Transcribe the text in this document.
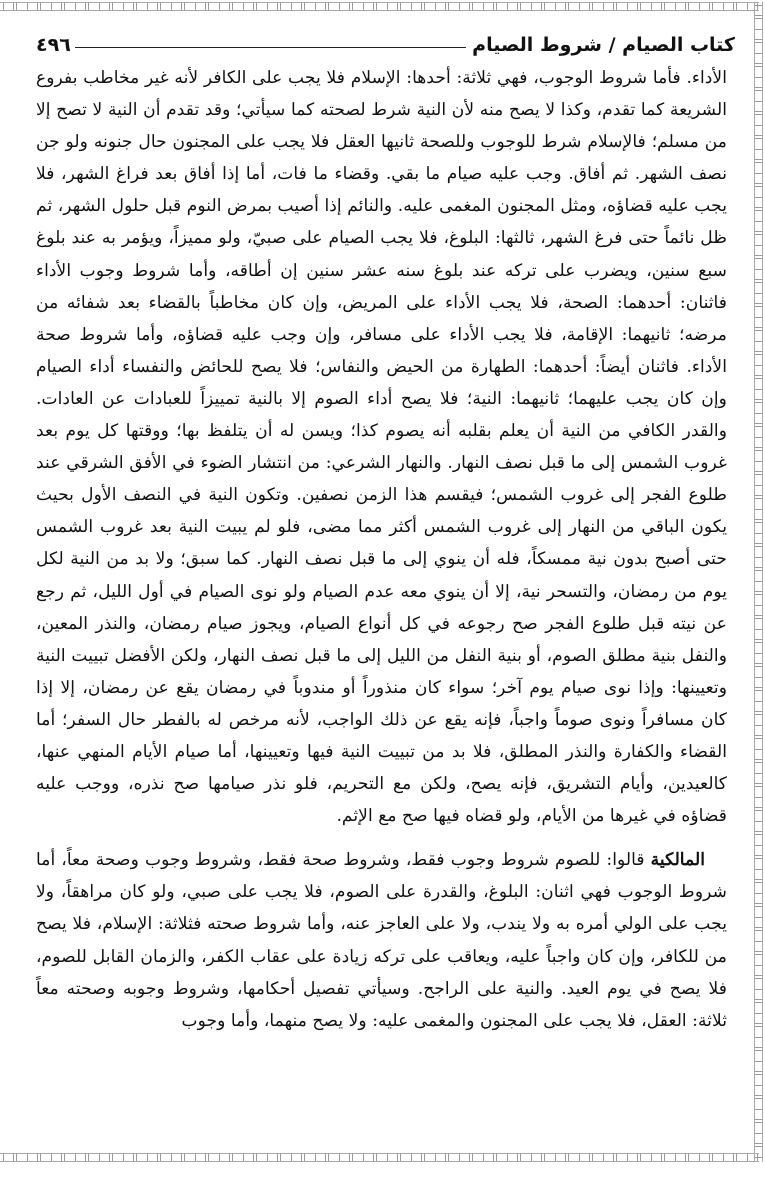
كتاب الصيام / شروط الصيام
٤٩٦

الأداء. فأما شروط الوجوب، فهي ثلاثة: أحدها: الإسلام فلا يجب على الكافر لأنه غير مخاطب بفروع الشريعة كما تقدم، وكذا لا يصح منه لأن النية شرط لصحته كما سيأتي؛ وقد تقدم أن النية لا تصح إلا من مسلم؛ فالإسلام شرط للوجوب وللصحة ثانيها العقل فلا يجب على المجنون حال جنونه ولو جن نصف الشهر. ثم أفاق. وجب عليه صيام ما بقي. وقضاء ما فات، أما إذا أفاق بعد فراغ الشهر، فلا يجب عليه قضاؤه، ومثل المجنون المغمى عليه. والنائم إذا أصيب بمرض النوم قبل حلول الشهر، ثم ظل نائماً حتى فرغ الشهر، ثالثها: البلوغ، فلا يجب الصيام على صبيّ، ولو مميزاً، ويؤمر به عند بلوغ سبع سنين، ويضرب على تركه عند بلوغ سنه عشر سنين إن أطاقه، وأما شروط وجوب الأداء فاثنان: أحدهما: الصحة، فلا يجب الأداء على المريض، وإن كان مخاطباً بالقضاء بعد شفائه من مرضه؛ ثانيهما: الإقامة، فلا يجب الأداء على مسافر، وإن وجب عليه قضاؤه، وأما شروط صحة الأداء. فاثنان أيضاً: أحدهما: الطهارة من الحيض والنفاس؛ فلا يصح للحائض والنفساء أداء الصيام وإن كان يجب عليهما؛ ثانيهما: النية؛ فلا يصح أداء الصوم إلا بالنية تمييزاً للعبادات عن العادات. والقدر الكافي من النية أن يعلم بقلبه أنه يصوم كذا؛ ويسن له أن يتلفظ بها؛ ووقتها كل يوم بعد غروب الشمس إلى ما قبل نصف النهار. والنهار الشرعي: من انتشار الضوء في الأفق الشرقي عند طلوع الفجر إلى غروب الشمس؛ فيقسم هذا الزمن نصفين. وتكون النية في النصف الأول بحيث يكون الباقي من النهار إلى غروب الشمس أكثر مما مضى، فلو لم يبيت النية بعد غروب الشمس حتى أصبح بدون نية ممسكاً، فله أن ينوي إلى ما قبل نصف النهار. كما سبق؛ ولا بد من النية لكل يوم من رمضان، والتسحر نية، إلا أن ينوي معه عدم الصيام ولو نوى الصيام في أول الليل، ثم رجع عن نيته قبل طلوع الفجر صح رجوعه في كل أنواع الصيام، ويجوز صيام رمضان، والنذر المعين، والنفل بنية مطلق الصوم، أو بنية النفل من الليل إلى ما قبل نصف النهار، ولكن الأفضل تبييت النية وتعيينها: وإذا نوى صيام يوم آخر؛ سواء كان منذوراً أو مندوباً في رمضان يقع عن رمضان، إلا إذا كان مسافراً ونوى صوماً واجباً، فإنه يقع عن ذلك الواجب، لأنه مرخص له بالفطر حال السفر؛ أما القضاء والكفارة والنذر المطلق، فلا بد من تبييت النية فيها وتعيينها، أما صيام الأيام المنهي عنها، كالعيدين، وأيام التشريق، فإنه يصح، ولكن مع التحريم، فلو نذر صيامها صح نذره، ووجب عليه قضاؤه في غيرها من الأيام، ولو قضاه فيها صح مع الإثم.

المالكية قالوا: للصوم شروط وجوب فقط، وشروط صحة فقط، وشروط وجوب وصحة معاً، أما شروط الوجوب فهي اثنان: البلوغ، والقدرة على الصوم، فلا يجب على صبي، ولو كان مراهقاً، ولا يجب على الولي أمره به ولا يندب، ولا على العاجز عنه، وأما شروط صحته فثلاثة: الإسلام، فلا يصح من للكافر، وإن كان واجباً عليه، ويعاقب على تركه زيادة على عقاب الكفر، والزمان القابل للصوم، فلا يصح في يوم العيد. والنية على الراجح. وسيأتي تفصيل أحكامها، وشروط وجوبه وصحته معاً ثلاثة: العقل، فلا يجب على المجنون والمغمى عليه: ولا يصح منهما، وأما وجوب
